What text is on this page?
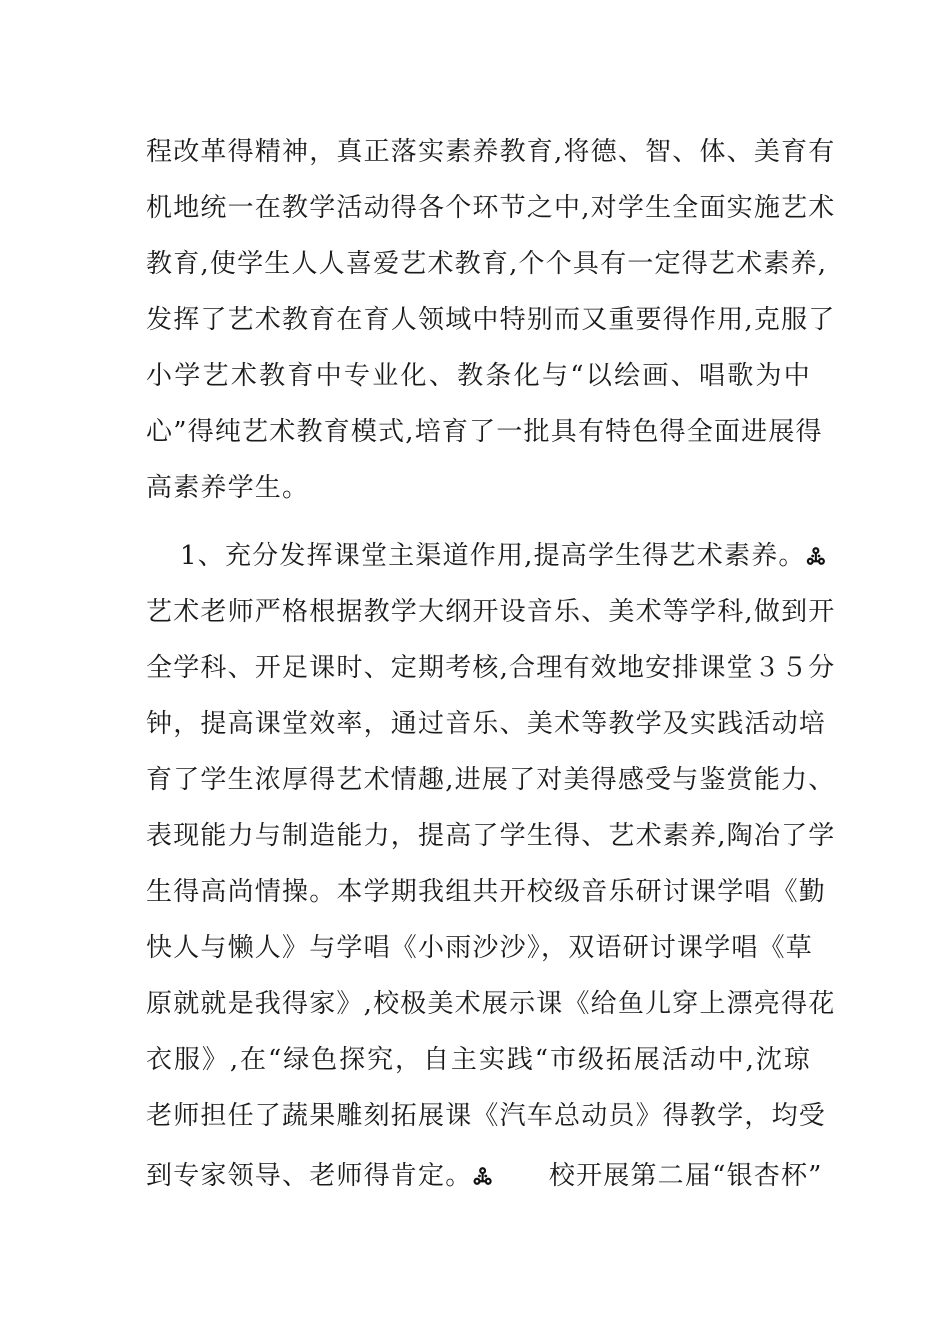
程改革得精神，真正落实素养教育,将德、智、体、美育有
机地统一在教学活动得各个环节之中,对学生全面实施艺术
教育,使学生人人喜爱艺术教育,个个具有一定得艺术素养,
发挥了艺术教育在育人领域中特别而又重要得作用,克服了
小学艺术教育中专业化、教条化与“以绘画、唱歌为中
心”得纯艺术教育模式,培育了一批具有特色得全面进展得
高素养学生。
1、充分发挥课堂主渠道作用,提高学生得艺术素养。ꔆ
艺术老师严格根据教学大纲开设音乐、美术等学科,做到开
全学科、开足课时、定期考核,合理有效地安排课堂３５分
钟，提高课堂效率，通过音乐、美术等教学及实践活动培
育了学生浓厚得艺术情趣,进展了对美得感受与鉴赏能力、
表现能力与制造能力，提高了学生得、艺术素养,陶冶了学
生得高尚情操。本学期我组共开校级音乐研讨课学唱《勤
快人与懒人》与学唱《小雨沙沙》，双语研讨课学唱《草
原就就是我得家》,校极美术展示课《给鱼儿穿上漂亮得花
衣服》,在“绿色探究，自主实践“市级拓展活动中,沈琼
老师担任了蔬果雕刻拓展课《汽车总动员》得教学，均受
到专家领导、老师得肯定。ꔆ 校开展第二届“银杏杯”
